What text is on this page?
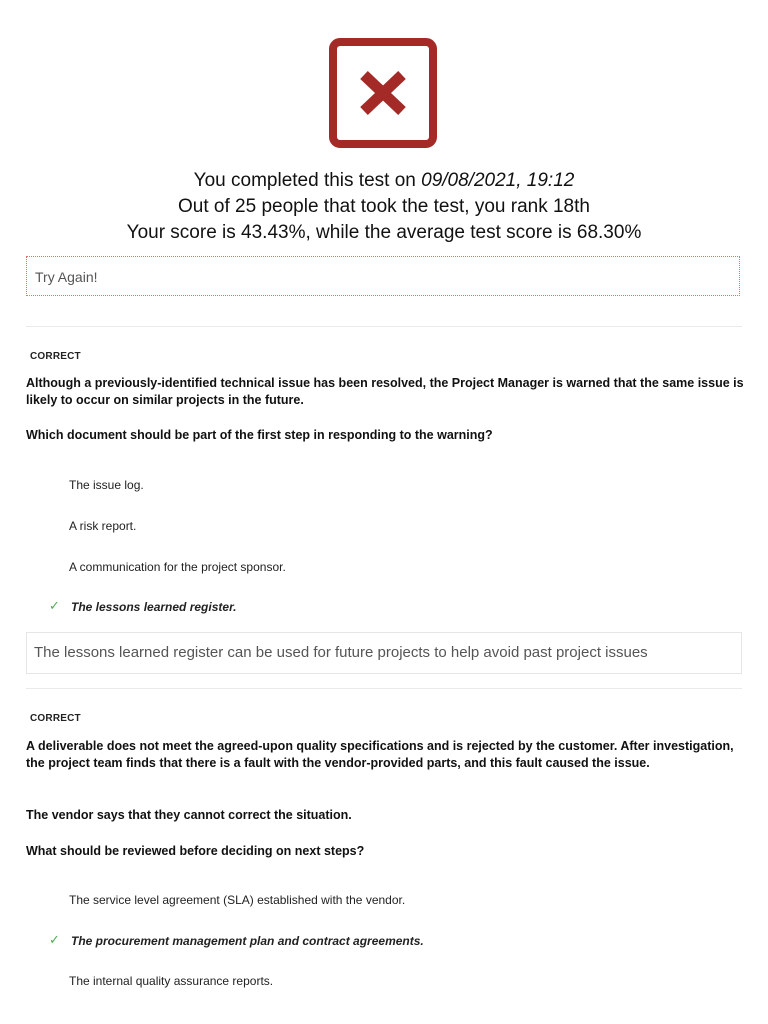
You completed this test on 09/08/2021, 19:12
Out of 25 people that took the test, you rank 18th
Your score is 43.43%, while the average test score is 68.30%
Try Again!
CORRECT
Although a previously-identified technical issue has been resolved, the Project Manager is warned that the same issue is likely to occur on similar projects in the future.
Which document should be part of the first step in responding to the warning?
The issue log.
A risk report.
A communication for the project sponsor.
✓ The lessons learned register.
The lessons learned register can be used for future projects to help avoid past project issues
CORRECT
A deliverable does not meet the agreed-upon quality specifications and is rejected by the customer. After investigation, the project team finds that there is a fault with the vendor-provided parts, and this fault caused the issue.
The vendor says that they cannot correct the situation.
What should be reviewed before deciding on next steps?
The service level agreement (SLA) established with the vendor.
✓ The procurement management plan and contract agreements.
The internal quality assurance reports.
